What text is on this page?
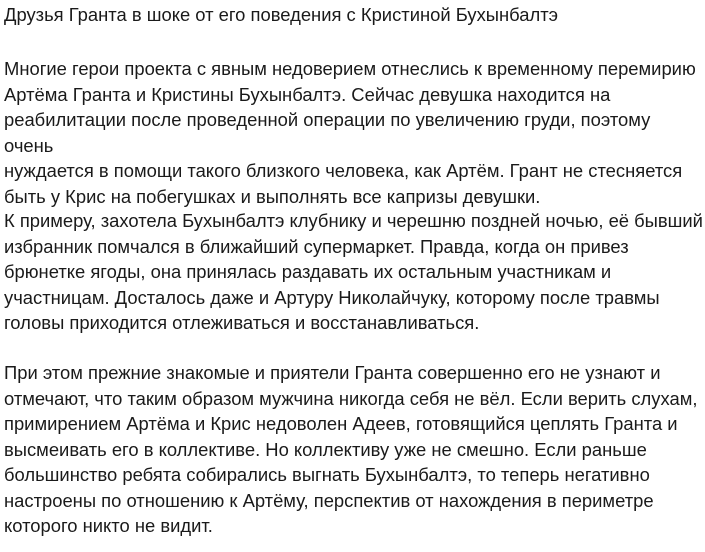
Друзья Гранта в шоке от его поведения с Кристиной Бухынбалтэ

Многие герои проекта с явным недоверием отнеслись к временному перемирию
Артёма Гранта и Кристины Бухынбалтэ. Сейчас девушка находится на
реабилитации после проведенной операции по увеличению груди, поэтому очень
нуждается в помощи такого близкого человека, как Артём. Грант не стесняется
быть у Крис на побегушках и выполнять все капризы девушки.

К примеру, захотела Бухынбалтэ клубнику и черешню поздней ночью, её бывший
избранник помчался в ближайший супермаркет. Правда, когда он привез
брюнетке ягоды, она принялась раздавать их остальным участникам и
участницам. Досталось даже и Артуру Николайчуку, которому после травмы
головы приходится отлеживаться и восстанавливаться.

При этом прежние знакомые и приятели Гранта совершенно его не узнают и
отмечают, что таким образом мужчина никогда себя не вёл. Если верить слухам,
примирением Артёма и Крис недоволен Адеев, готовящийся цеплять Гранта и
высмеивать его в коллективе. Но коллективу уже не смешно. Если раньше
большинство ребята собирались выгнать Бухынбалтэ, то теперь негативно
настроены по отношению к Артёму, перспектив от нахождения в периметре
которого никто не видит.
